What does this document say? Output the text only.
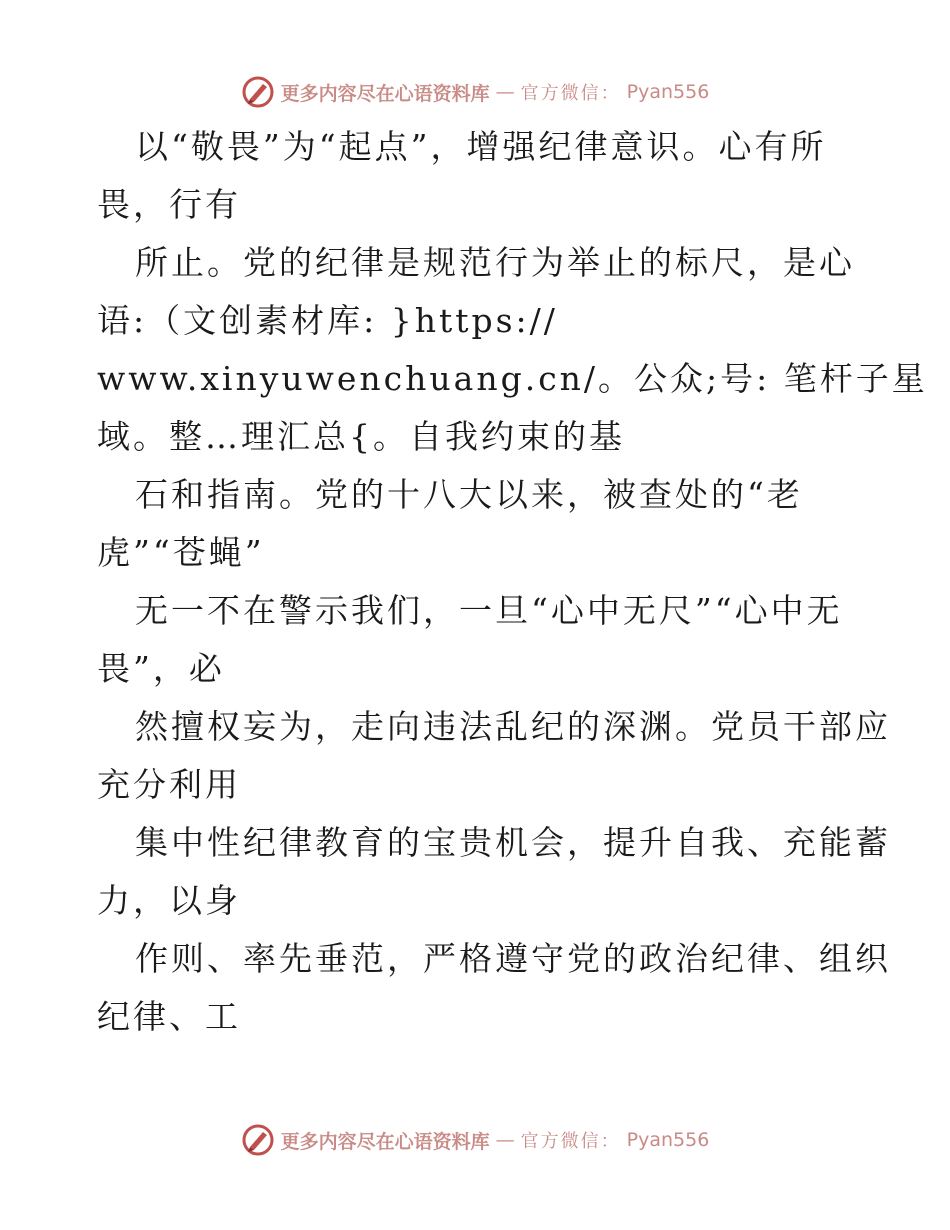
更多内容尽在心语资料库 — 官方微信： Pyan556
以“敬畏”为“起点”，增强纪律意识。心有所
畏，行有
所止。党的纪律是规范行为举止的标尺，是心
语:（文创素材库: }https://
www.xinyuwenchuang.cn/。公众;号: 笔杆子星
域。整…理汇总{。自我约束的基
石和指南。党的十八大以来，被查处的“老
虎”“苍蝇”
无一不在警示我们，一旦“心中无尺”“心中无
畏”，必
然擅权妄为，走向违法乱纪的深渊。党员干部应
充分利用
集中性纪律教育的宝贵机会，提升自我、充能蓄
力，以身
作则、率先垂范，严格遵守党的政治纪律、组织
纪律、工
更多内容尽在心语资料库 — 官方微信： Pyan556
